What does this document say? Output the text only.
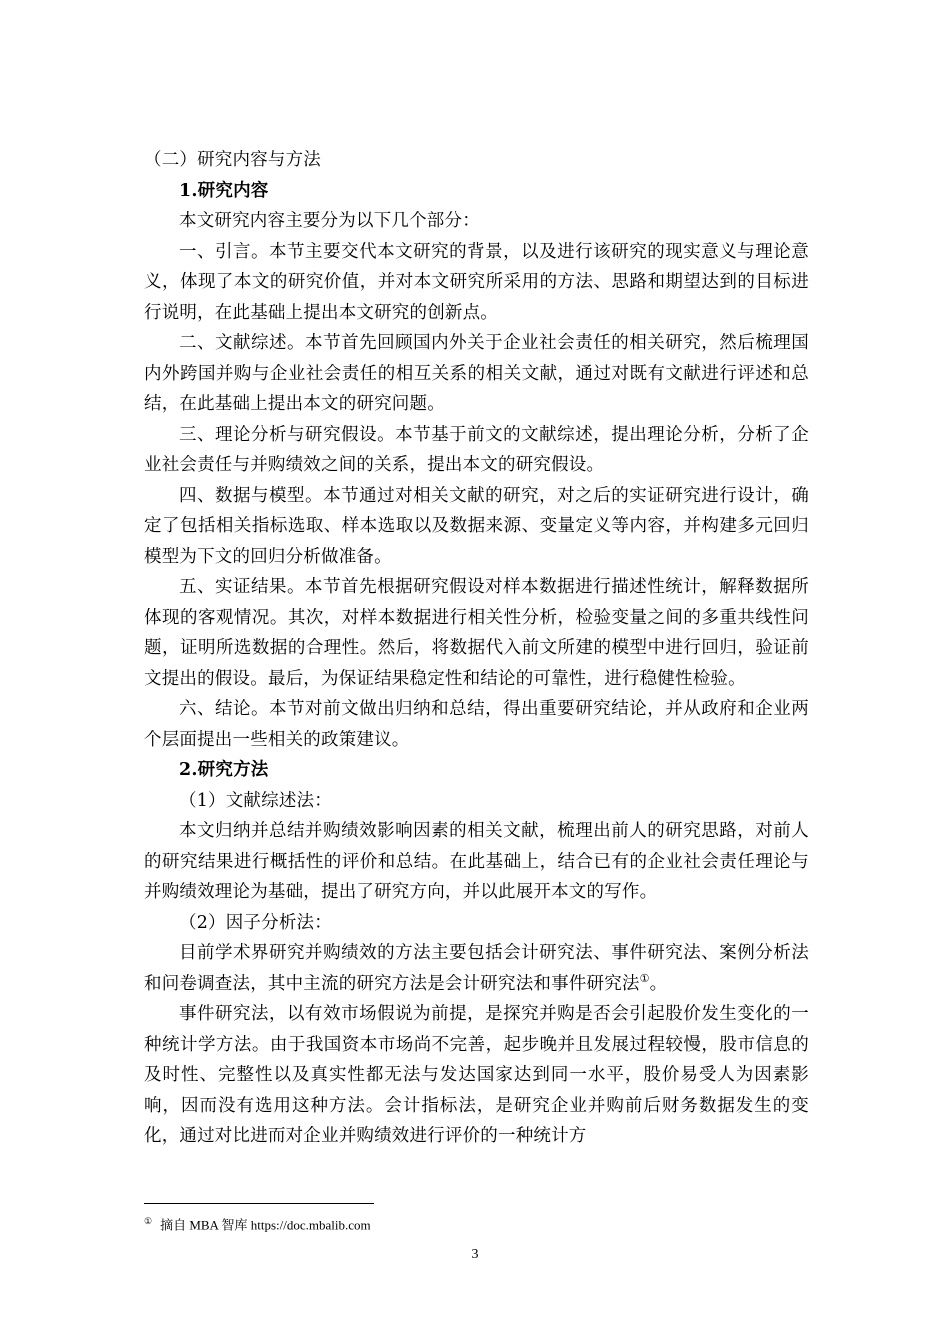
（二）研究内容与方法

1.研究内容

本文研究内容主要分为以下几个部分：

一、引言。本节主要交代本文研究的背景，以及进行该研究的现实意义与理论意义，体现了本文的研究价值，并对本文研究所采用的方法、思路和期望达到的目标进行说明，在此基础上提出本文研究的创新点。

二、文献综述。本节首先回顾国内外关于企业社会责任的相关研究，然后梳理国内外跨国并购与企业社会责任的相互关系的相关文献，通过对既有文献进行评述和总结，在此基础上提出本文的研究问题。

三、理论分析与研究假设。本节基于前文的文献综述，提出理论分析，分析了企业社会责任与并购绩效之间的关系，提出本文的研究假设。

四、数据与模型。本节通过对相关文献的研究，对之后的实证研究进行设计，确定了包括相关指标选取、样本选取以及数据来源、变量定义等内容，并构建多元回归模型为下文的回归分析做准备。

五、实证结果。本节首先根据研究假设对样本数据进行描述性统计，解释数据所体现的客观情况。其次，对样本数据进行相关性分析，检验变量之间的多重共线性问题，证明所选数据的合理性。然后，将数据代入前文所建的模型中进行回归，验证前文提出的假设。最后，为保证结果稳定性和结论的可靠性，进行稳健性检验。

六、结论。本节对前文做出归纳和总结，得出重要研究结论，并从政府和企业两个层面提出一些相关的政策建议。

2.研究方法

（1）文献综述法：

本文归纳并总结并购绩效影响因素的相关文献，梳理出前人的研究思路，对前人的研究结果进行概括性的评价和总结。在此基础上，结合已有的企业社会责任理论与并购绩效理论为基础，提出了研究方向，并以此展开本文的写作。

（2）因子分析法：

目前学术界研究并购绩效的方法主要包括会计研究法、事件研究法、案例分析法和问卷调查法，其中主流的研究方法是会计研究法和事件研究法①。

事件研究法，以有效市场假说为前提，是探究并购是否会引起股价发生变化的一种统计学方法。由于我国资本市场尚不完善，起步晚并且发展过程较慢，股市信息的及时性、完整性以及真实性都无法与发达国家达到同一水平，股价易受人为因素影响，因而没有选用这种方法。会计指标法，是研究企业并购前后财务数据发生的变化，通过对比进而对企业并购绩效进行评价的一种统计方

① 摘自 MBA 智库 https://doc.mbalib.com
3
